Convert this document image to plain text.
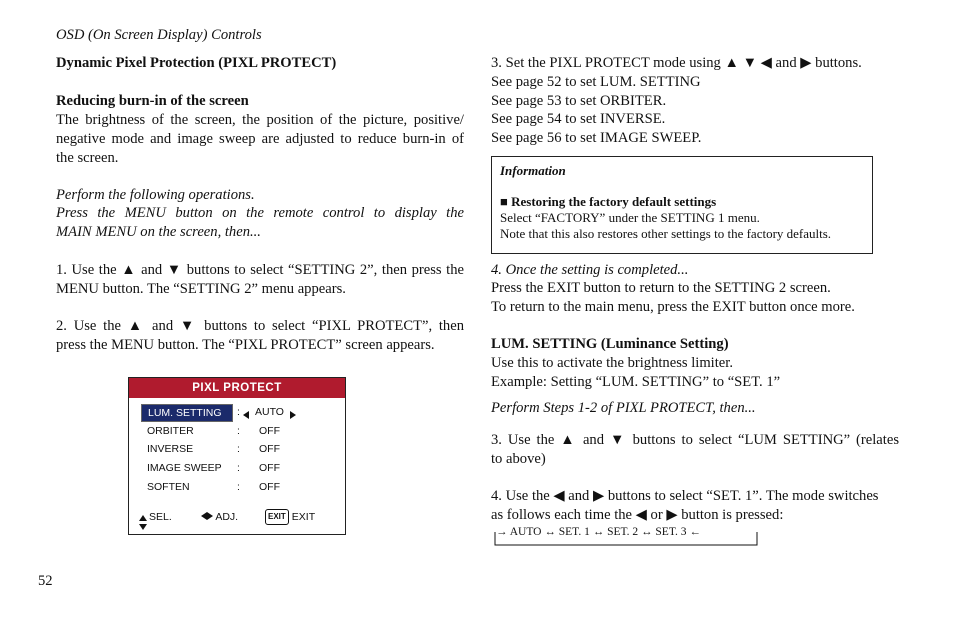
OSD (On Screen Display) Controls
52
Dynamic Pixel Protection (PIXL PROTECT)
Reducing burn-in of the screen
The brightness of the screen, the position of the picture, positive/
negative mode and image sweep are adjusted to reduce burn-in of
the screen.
Perform the following operations.
Press the MENU button on the remote control to display the
MAIN MENU on the screen, then...
1. Use the ▲ and ▼ buttons to select “SETTING 2”, then press the
MENU button. The “SETTING 2” menu appears.
2. Use the ▲ and ▼ buttons to select “PIXL PROTECT”, then
press the MENU button. The “PIXL PROTECT” screen appears.
PIXL PROTECT
LUM. SETTING	: AUTO
ORBITER	: OFF
INVERSE	: OFF
IMAGE SWEEP : OFF
SOFTEN	: OFF
SEL.	ADJ.	EXIT EXIT
3. Set the PIXL PROTECT mode using ▲ ▼ ◀ and ▶ buttons.
See page 52 to set LUM. SETTING
See page 53 to set ORBITER.
See page 54 to set INVERSE.
See page 56 to set IMAGE SWEEP.
Information
■ Restoring the factory default settings
Select “FACTORY” under the SETTING 1 menu.
Note that this also restores other settings to the factory defaults.
4. Once the setting is completed...
Press the EXIT button to return to the SETTING 2 screen.
To return to the main menu, press the EXIT button once more.
LUM. SETTING (Luminance Setting)
Use this to activate the brightness limiter.
Example: Setting “LUM. SETTING” to “SET. 1”
Perform Steps 1-2 of PIXL PROTECT, then...
3. Use the ▲ and ▼ buttons to select “LUM SETTING” (relates
to above)
4. Use the ◀ and ▶ buttons to select “SET. 1”. The mode switches
as follows each time the ◀ or ▶ button is pressed:
→ AUTO ↔ SET. 1 ↔ SET. 2 ↔ SET. 3 ←
